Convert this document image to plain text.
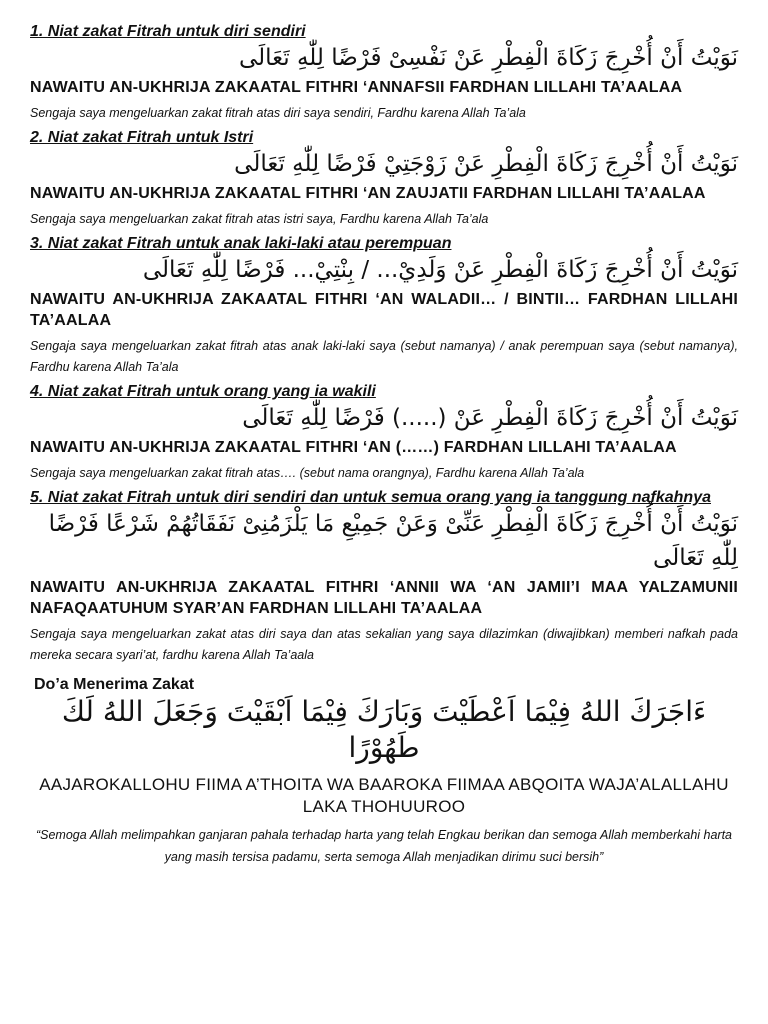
1. Niat zakat Fitrah untuk diri sendiri

نَوَيْتُ أَنْ أُخْرِجَ زَكَاةَ الْفِطْرِ عَنْ نَفْسِىْ فَرْضًا لِلّٰهِ تَعَالَى

NAWAITU AN-UKHRIJA ZAKAATAL FITHRI ‘ANNAFSII FARDHAN LILLAHI TA’AALAA

Sengaja saya mengeluarkan zakat fitrah atas diri saya sendiri, Fardhu karena Allah Ta’ala

2. Niat zakat Fitrah untuk Istri

نَوَيْتُ أَنْ أُخْرِجَ زَكَاةَ الْفِطْرِ عَنْ زَوْجَتِيْ فَرْضًا لِلّٰهِ تَعَالَى

NAWAITU AN-UKHRIJA ZAKAATAL FITHRI ‘AN ZAUJATII FARDHAN LILLAHI TA’AALAA

Sengaja saya mengeluarkan zakat fitrah atas istri saya, Fardhu karena Allah Ta’ala

3. Niat zakat Fitrah untuk anak laki-laki atau perempuan

نَوَيْتُ أَنْ أُخْرِجَ زَكَاةَ الْفِطْرِ عَنْ وَلَدِيْ... / بِنْتِيْ... فَرْضًا لِلّٰهِ تَعَالَى

NAWAITU AN-UKHRIJA ZAKAATAL FITHRI ‘AN WALADII… / BINTII… FARDHAN LILLAHI TA’AALAA

Sengaja saya mengeluarkan zakat fitrah atas anak laki-laki saya (sebut namanya) / anak perempuan saya (sebut namanya), Fardhu karena Allah Ta’ala

4. Niat zakat Fitrah untuk orang yang ia wakili

نَوَيْتُ أَنْ أُخْرِجَ زَكَاةَ الْفِطْرِ عَنْ (.....) فَرْضًا لِلّٰهِ تَعَالَى

NAWAITU AN-UKHRIJA ZAKAATAL FITHRI ‘AN (……) FARDHAN LILLAHI TA’AALAA

Sengaja saya mengeluarkan zakat fitrah atas…. (sebut nama orangnya), Fardhu karena Allah Ta’ala

5. Niat zakat Fitrah untuk diri sendiri dan untuk semua orang yang ia tanggung nafkahnya

نَوَيْتُ أَنْ أُخْرِجَ زَكَاةَ الْفِطْرِ عَنِّىْ وَعَنْ جَمِيْعِ مَا يَلْزَمُنِىْ نَفَقَاتُهُمْ شَرْعًا فَرْضًا لِلّٰهِ تَعَالَى

NAWAITU AN-UKHRIJA ZAKAATAL FITHRI ‘ANNII WA ‘AN JAMII’I MAA YALZAMUNII NAFAQAATUHUM SYAR’AN FARDHAN LILLAHI TA’AALAA

Sengaja saya mengeluarkan zakat atas diri saya dan atas sekalian yang saya dilazimkan (diwajibkan) memberi nafkah pada mereka secara syari’at, fardhu karena Allah Ta’aala

Do’a Menerima Zakat

ءَاجَرَكَ اللهُ فِيْمَا اَعْطَيْتَ وَبَارَكَ فِيْمَا اَبْقَيْتَ وَجَعَلَ اللهُ لَكَ طَهُوْرًا

AAJAROKALLOHU FIIMA A’THOITA WA BAAROKA FIIMAA ABQOITA WAJA’ALALLAHU LAKA THOHUUROO

“Semoga Allah melimpahkan ganjaran pahala terhadap harta yang telah Engkau berikan dan semoga Allah memberkahi harta yang masih tersisa padamu, serta semoga Allah menjadikan dirimu suci bersih”
